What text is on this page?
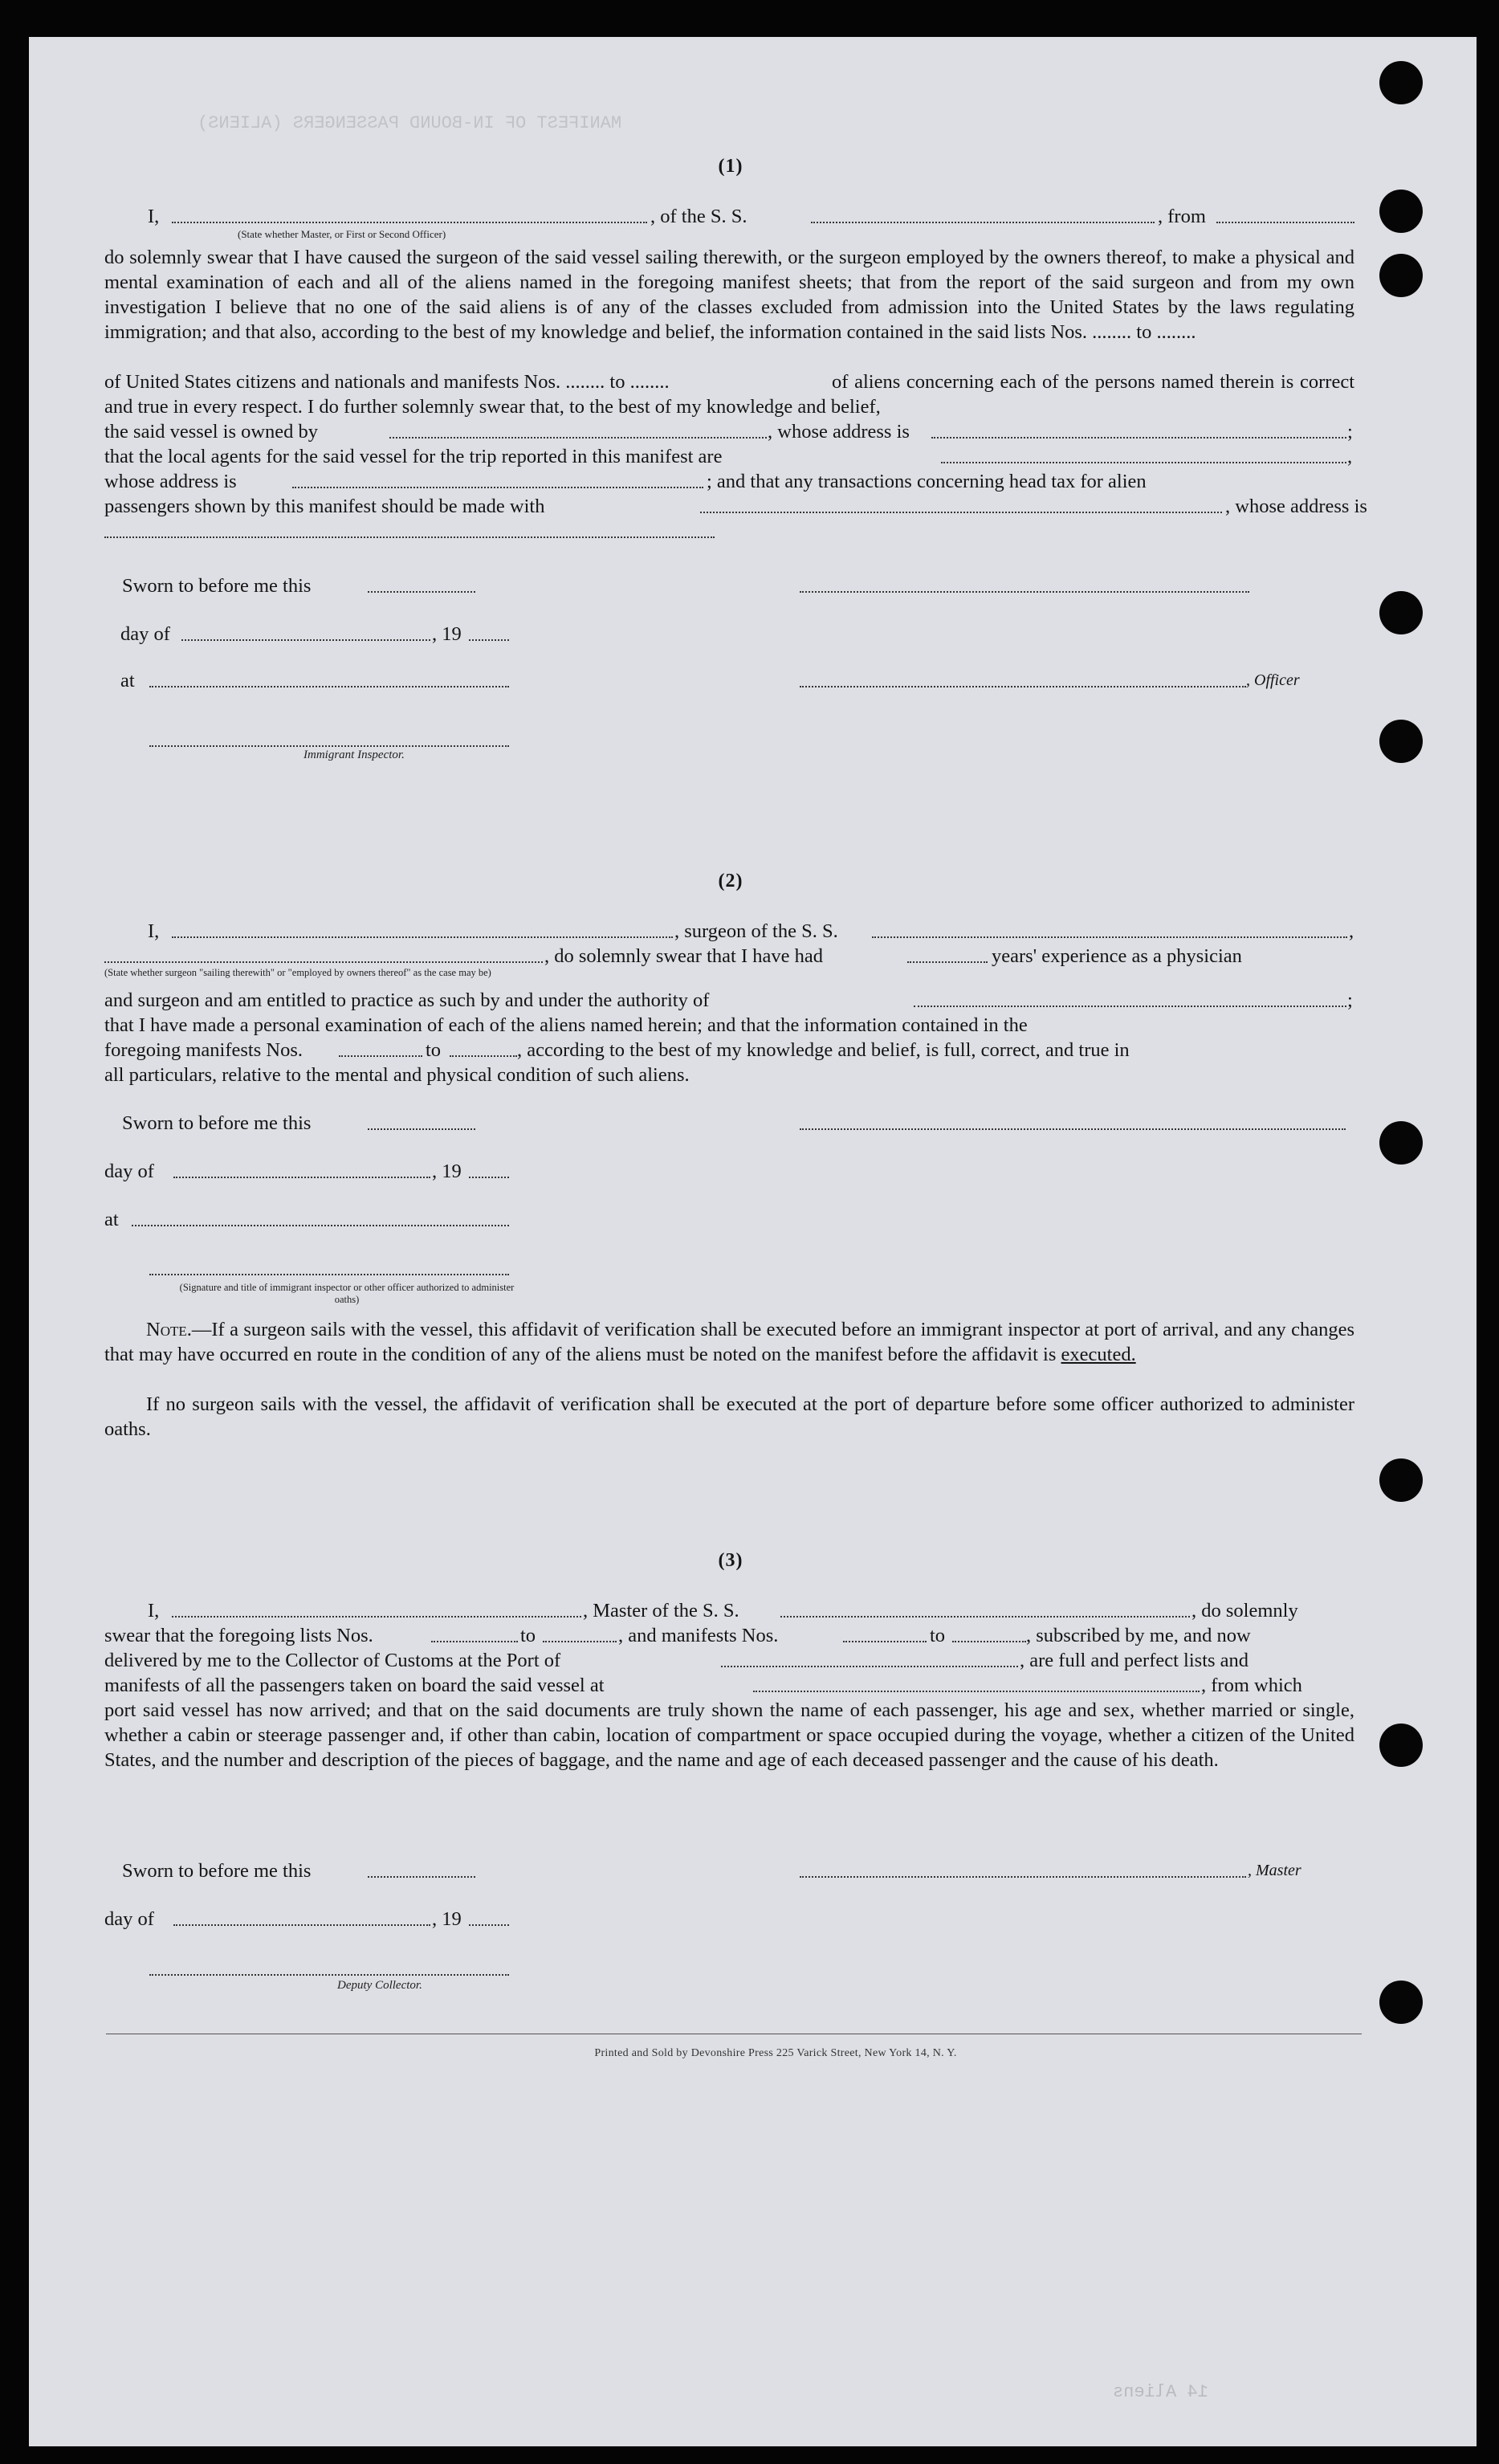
MANIFEST OF IN-BOUND PASSENGERS (ALIENS)
14 Aliens
(1)
I,	, of the S. S.	, from
(State whether Master, or First or Second Officer)

do solemnly swear that I have caused the surgeon of the said vessel sailing therewith, or the surgeon employed by the owners thereof, to make a physical and mental examination of each and all of the aliens named in the foregoing manifest sheets; that from the report of the said surgeon and from my own investigation I believe that no one of the said aliens is of any of the classes excluded from admission into the United States by the laws regulating immigration; and that also, according to the best of my knowledge and belief, the information contained in the said lists Nos. ........ to ........

of United States citizens and nationals and manifests Nos. ........ to ........	of aliens concerning each of the persons named therein is correct and true in every respect. I do further solemnly swear that, to the best of my knowledge and belief,

the said vessel is owned by	, whose address is	;
that the local agents for the said vessel for the trip reported in this manifest are	,
whose address is	; and that any transactions concerning head tax for alien
passengers shown by this manifest should be made with	, whose address is
Sworn to before me this
day of	, 19
at	, Officer
Immigrant Inspector.
(2)
I,	, surgeon of the S. S.	,
, do solemnly swear that I have had	years' experience as a physician
(State whether surgeon "sailing therewith" or "employed by owners thereof" as the case may be)
and surgeon and am entitled to practice as such by and under the authority of	;

that I have made a personal examination of each of the aliens named herein; and that the information contained in the

foregoing manifests Nos.	to	, according to the best of my knowledge and belief, is full, correct, and true in
all particulars, relative to the mental and physical condition of such aliens.
Sworn to before me this
day of	, 19
at
(Signature and title of immigrant inspector or other officer authorized to administer oaths)

Note.—If a surgeon sails with the vessel, this affidavit of verification shall be executed before an immigrant inspector at port of arrival, and any changes that may have occurred en route in the condition of any of the aliens must be noted on the manifest before the affidavit is executed.

If no surgeon sails with the vessel, the affidavit of verification shall be executed at the port of departure before some officer authorized to administer oaths.

(3)
I,	, Master of the S. S.	, do solemnly
swear that the foregoing lists Nos.	to	, and manifests Nos.	to	, subscribed by me, and now
delivered by me to the Collector of Customs at the Port of	, are full and perfect lists and
manifests of all the passengers taken on board the said vessel at	, from which

port said vessel has now arrived; and that on the said documents are truly shown the name of each passenger, his age and sex, whether married or single, whether a cabin or steerage passenger and, if other than cabin, location of compartment or space occupied during the voyage, whether a citizen of the United States, and the number and description of the pieces of baggage, and the name and age of each deceased passenger and the cause of his death.

Sworn to before me this	, Master
day of	, 19
Deputy Collector.
Printed and Sold by Devonshire Press 225 Varick Street, New York 14, N. Y.
